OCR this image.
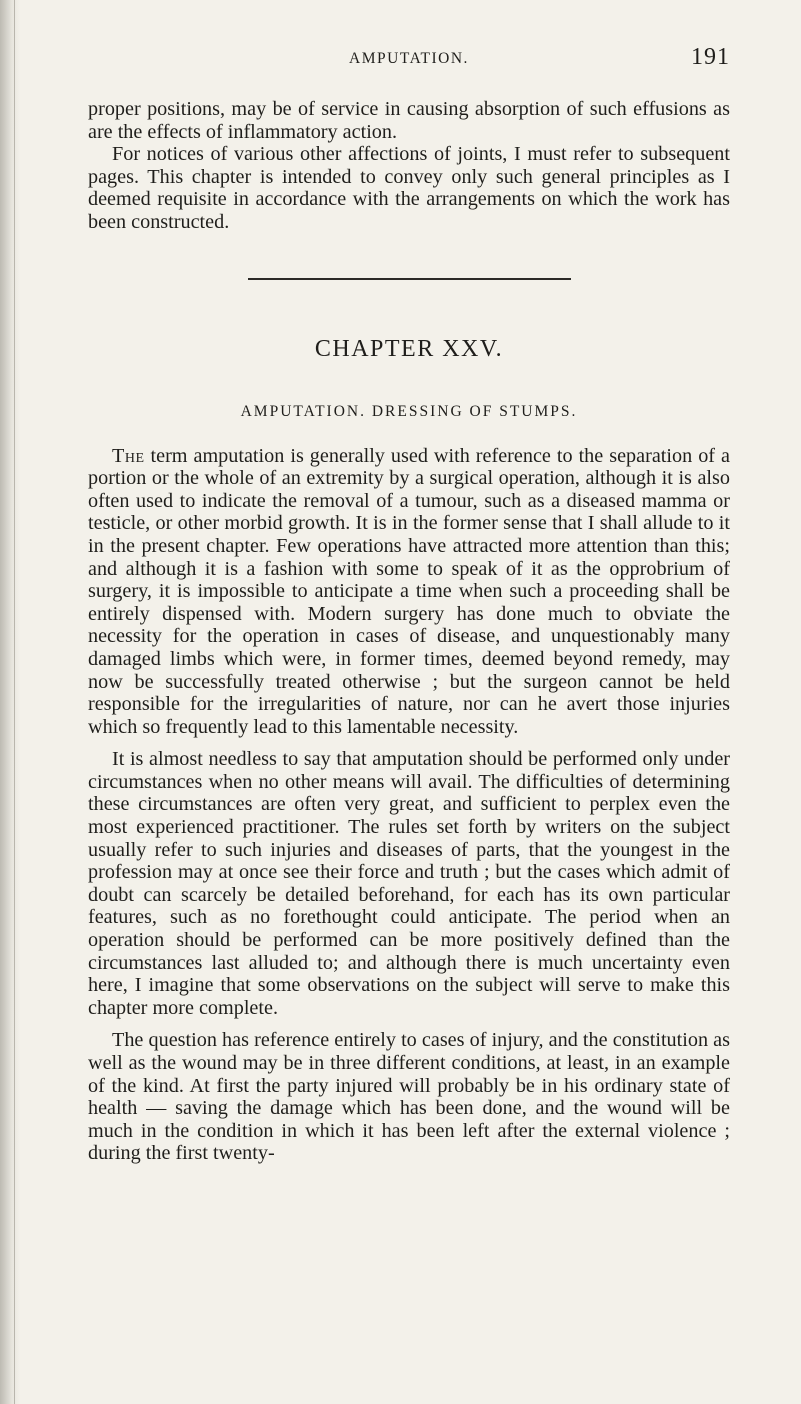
AMPUTATION.	191

proper positions, may be of service in causing absorption of such effusions as are the effects of inflammatory action.

For notices of various other affections of joints, I must refer to subsequent pages. This chapter is intended to convey only such general principles as I deemed requisite in accordance with the arrangements on which the work has been constructed.

CHAPTER XXV.
AMPUTATION. DRESSING OF STUMPS.

The term amputation is generally used with reference to the separation of a portion or the whole of an extremity by a surgical operation, although it is also often used to indicate the removal of a tumour, such as a diseased mamma or testicle, or other morbid growth. It is in the former sense that I shall allude to it in the present chapter. Few operations have attracted more attention than this; and although it is a fashion with some to speak of it as the opprobrium of surgery, it is impossible to anticipate a time when such a proceeding shall be entirely dispensed with. Modern surgery has done much to obviate the necessity for the operation in cases of disease, and unquestionably many damaged limbs which were, in former times, deemed beyond remedy, may now be successfully treated otherwise ; but the surgeon cannot be held responsible for the irregularities of nature, nor can he avert those injuries which so frequently lead to this lamentable necessity.

It is almost needless to say that amputation should be performed only under circumstances when no other means will avail. The difficulties of determining these circumstances are often very great, and sufficient to perplex even the most experienced practitioner. The rules set forth by writers on the subject usually refer to such injuries and diseases of parts, that the youngest in the profession may at once see their force and truth ; but the cases which admit of doubt can scarcely be detailed beforehand, for each has its own particular features, such as no forethought could anticipate. The period when an operation should be performed can be more positively defined than the circumstances last alluded to; and although there is much uncertainty even here, I imagine that some observations on the subject will serve to make this chapter more complete.

The question has reference entirely to cases of injury, and the constitution as well as the wound may be in three different conditions, at least, in an example of the kind. At first the party injured will probably be in his ordinary state of health — saving the damage which has been done, and the wound will be much in the condition in which it has been left after the external violence ; during the first twenty-
